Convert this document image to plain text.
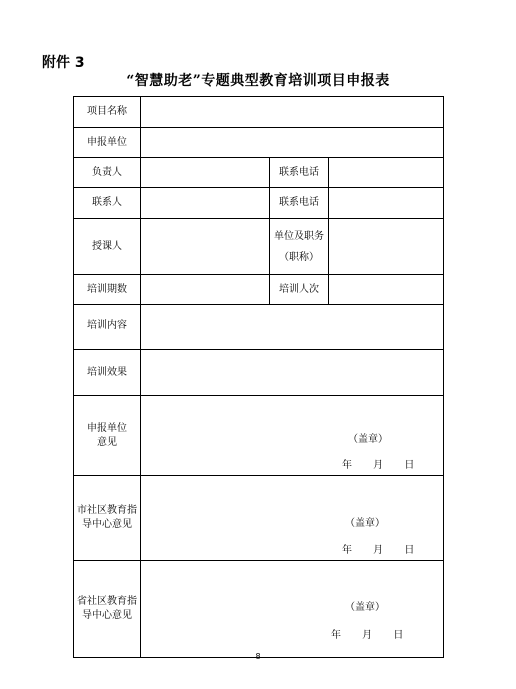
附件 3
“智慧助老”专题典型教育培训项目申报表
项目名称			
申报单位			
负责人		联系电话	
联系人		联系电话	
授课人		单位及职务
（职称）	
培训期数		培训人次	
培训内容			
培训效果			
申报单位
意见	（盖章）
年 月 日		

市社区教育指
导中心意见	（盖章）
年 月 日		

省社区教育指
导中心意见	（盖章）
年 月 日		
8
